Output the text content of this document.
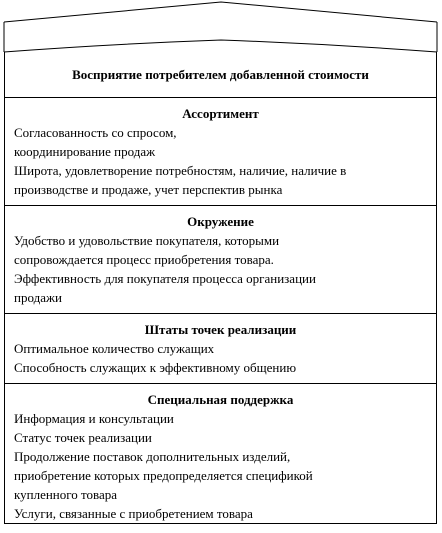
Восприятие потребителем добавленной стоимости
Ассортимент
Согласованность со спросом,
координирование продаж
Широта, удовлетворение потребностям, наличие, наличие в
производстве и продаже, учет перспектив рынка
Окружение
Удобство и удовольствие покупателя, которыми
сопровождается процесс приобретения товара.
Эффективность для покупателя процесса организации
продажи
Штаты точек реализации
Оптимальное количество служащих
Способность служащих к эффективному общению
Специальная поддержка
Информация и консультации
Статус точек реализации
Продолжение поставок дополнительных изделий,
приобретение которых предопределяется спецификой
купленного товара
Услуги, связанные с приобретением товара
